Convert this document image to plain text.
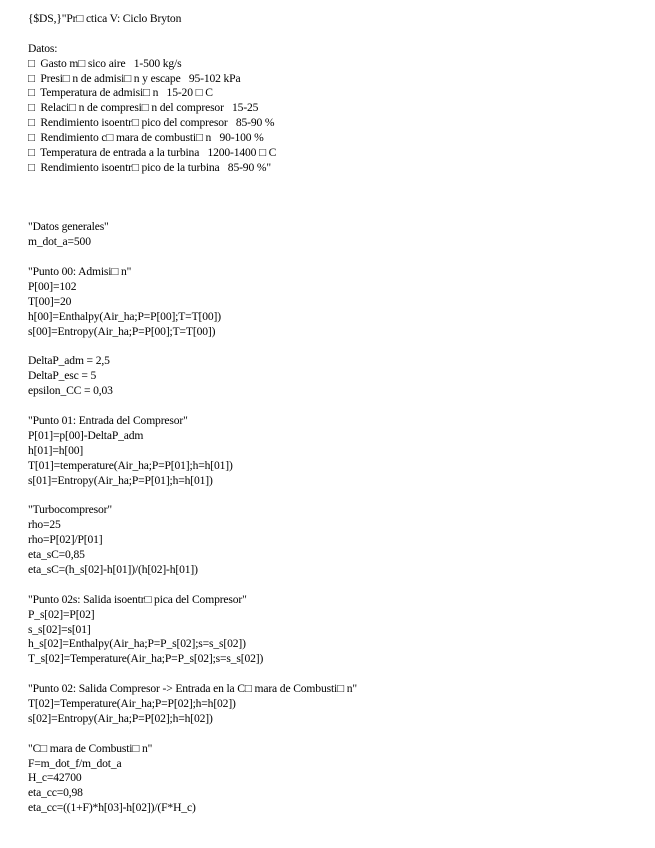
{$DS,}"Pr□ ctica V: Ciclo Bryton
Datos:
□  Gasto m□ sico aire   1-500 kg/s
□  Presi□ n de admisi□ n y escape   95-102 kPa
□  Temperatura de admisi□ n   15-20 □ C
□  Relaci□ n de compresi□ n del compresor   15-25
□  Rendimiento isoentr□ pico del compresor   85-90 %
□  Rendimiento c□ mara de combusti□ n   90-100 %
□  Temperatura de entrada a la turbina   1200-1400 □ C
□  Rendimiento isoentr□ pico de la turbina   85-90 %"
"Datos generales"
m_dot_a=500
"Punto 00: Admisi□ n"
P[00]=102
T[00]=20
h[00]=Enthalpy(Air_ha;P=P[00];T=T[00])
s[00]=Entropy(Air_ha;P=P[00];T=T[00])
DeltaP_adm = 2,5
DeltaP_esc = 5
epsilon_CC = 0,03
"Punto 01: Entrada del Compresor"
P[01]=p[00]-DeltaP_adm
h[01]=h[00]
T[01]=temperature(Air_ha;P=P[01];h=h[01])
s[01]=Entropy(Air_ha;P=P[01];h=h[01])
"Turbocompresor"
rho=25
rho=P[02]/P[01]
eta_sC=0,85
eta_sC=(h_s[02]-h[01])/(h[02]-h[01])
"Punto 02s: Salida isoentr□ pica del Compresor"
P_s[02]=P[02]
s_s[02]=s[01]
h_s[02]=Enthalpy(Air_ha;P=P_s[02];s=s_s[02])
T_s[02]=Temperature(Air_ha;P=P_s[02];s=s_s[02])
"Punto 02: Salida Compresor -> Entrada en la C□ mara de Combusti□ n"
T[02]=Temperature(Air_ha;P=P[02];h=h[02])
s[02]=Entropy(Air_ha;P=P[02];h=h[02])
"C□ mara de Combusti□ n"
F=m_dot_f/m_dot_a
H_c=42700
eta_cc=0,98
eta_cc=((1+F)*h[03]-h[02])/(F*H_c)
